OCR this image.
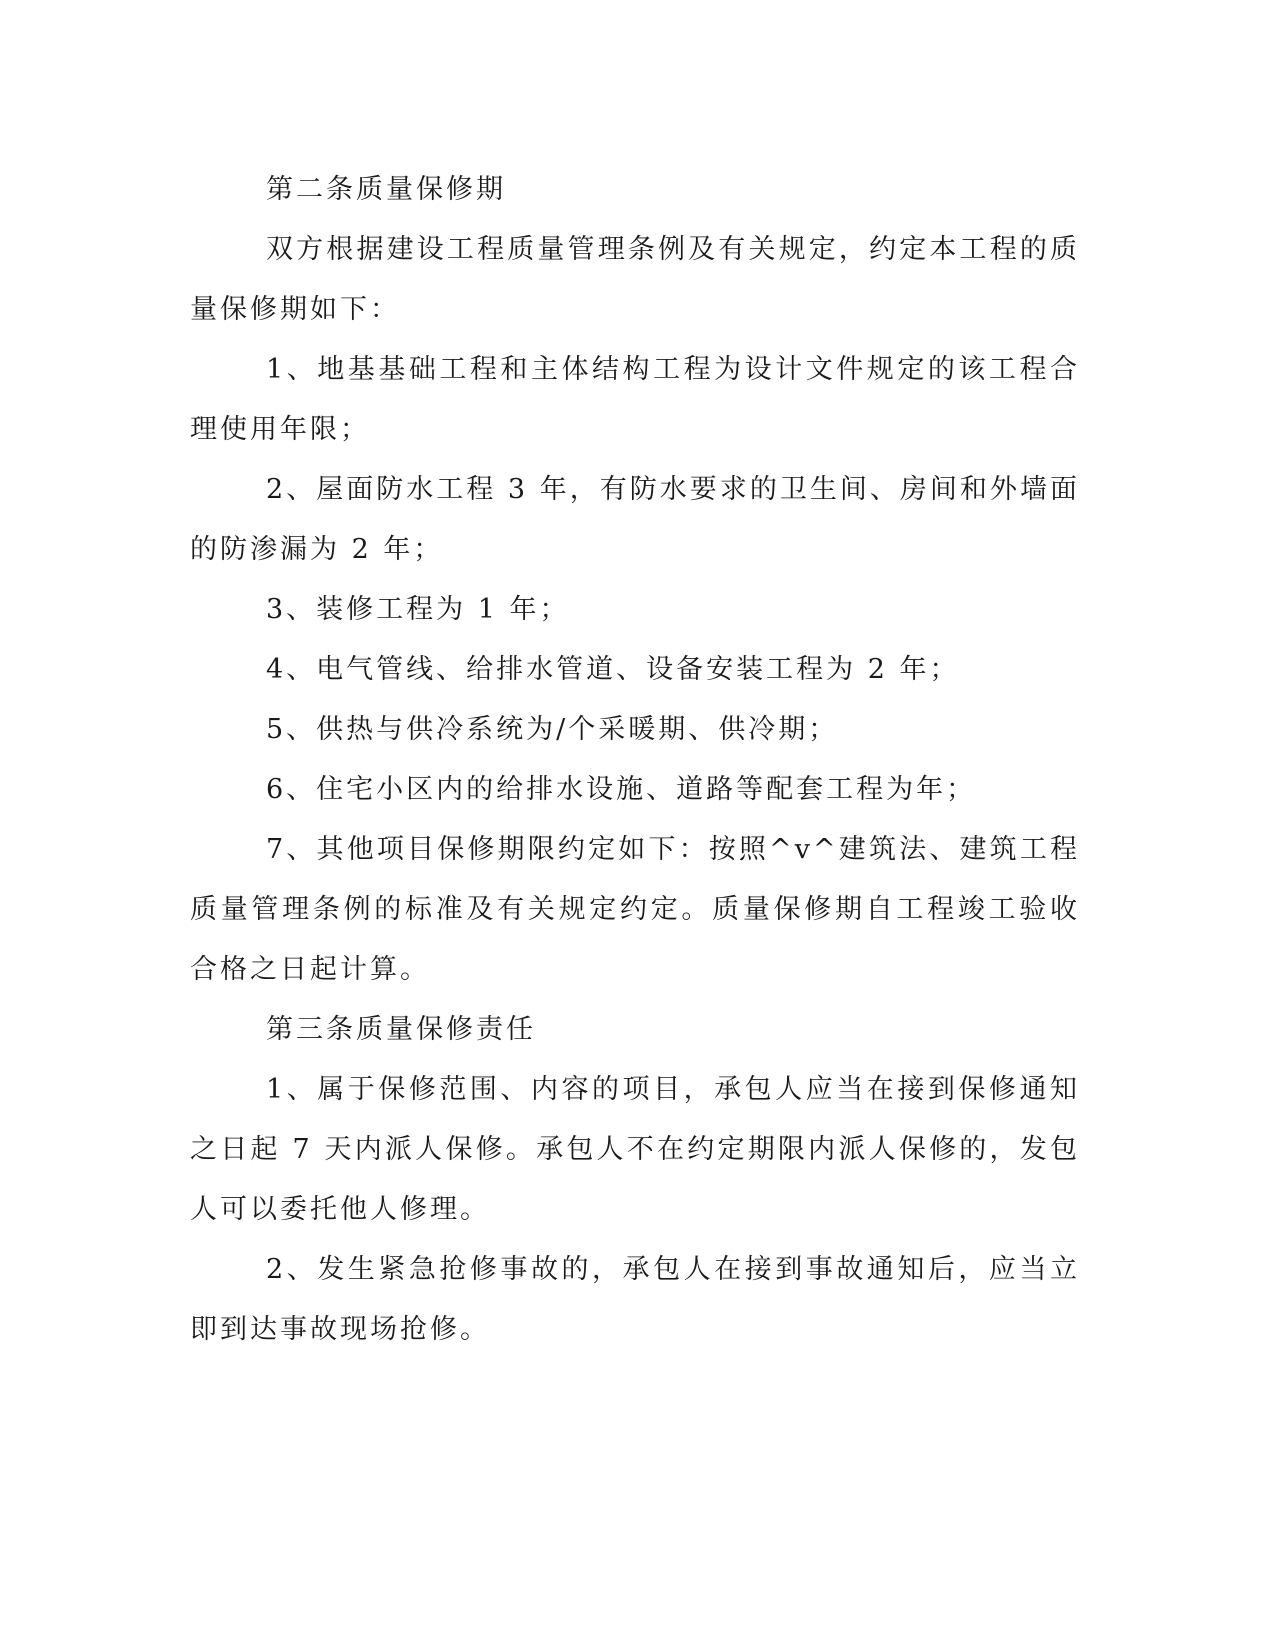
第二条质量保修期

双方根据建设工程质量管理条例及有关规定，约定本工程的质量保修期如下：

1、地基基础工程和主体结构工程为设计文件规定的该工程合理使用年限；

2、屋面防水工程 3 年，有防水要求的卫生间、房间和外墙面的防渗漏为 2 年；

3、装修工程为 1 年；

4、电气管线、给排水管道、设备安装工程为 2 年；

5、供热与供冷系统为/个采暖期、供冷期；

6、住宅小区内的给排水设施、道路等配套工程为年；

7、其他项目保修期限约定如下：按照^v^建筑法、建筑工程质量管理条例的标准及有关规定约定。质量保修期自工程竣工验收合格之日起计算。

第三条质量保修责任

1、属于保修范围、内容的项目，承包人应当在接到保修通知之日起 7 天内派人保修。承包人不在约定期限内派人保修的，发包人可以委托他人修理。

2、发生紧急抢修事故的，承包人在接到事故通知后，应当立即到达事故现场抢修。
